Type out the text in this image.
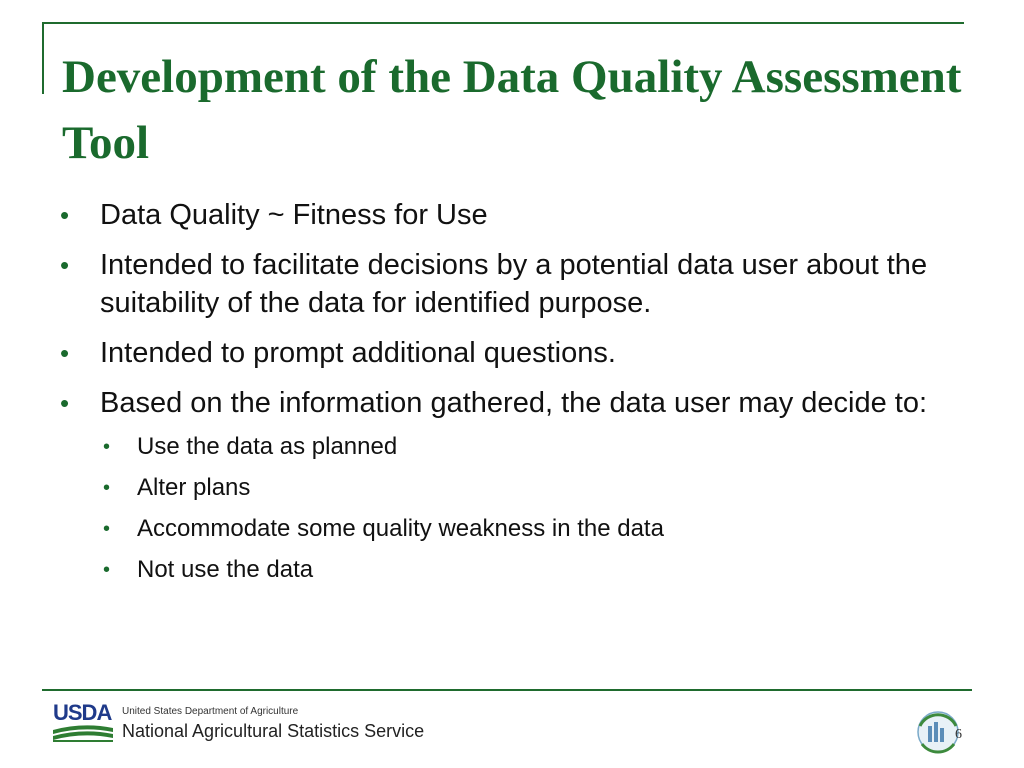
Development of the Data Quality Assessment Tool
• Data Quality ~ Fitness for Use
• Intended to facilitate decisions by a potential data user about the suitability of the data for identified purpose.
• Intended to prompt additional questions.
• Based on the information gathered, the data user may decide to:
• Use the data as planned
• Alter plans
• Accommodate some quality weakness in the data
• Not use the data
USDA United States Department of Agriculture
National Agricultural Statistics Service	6
